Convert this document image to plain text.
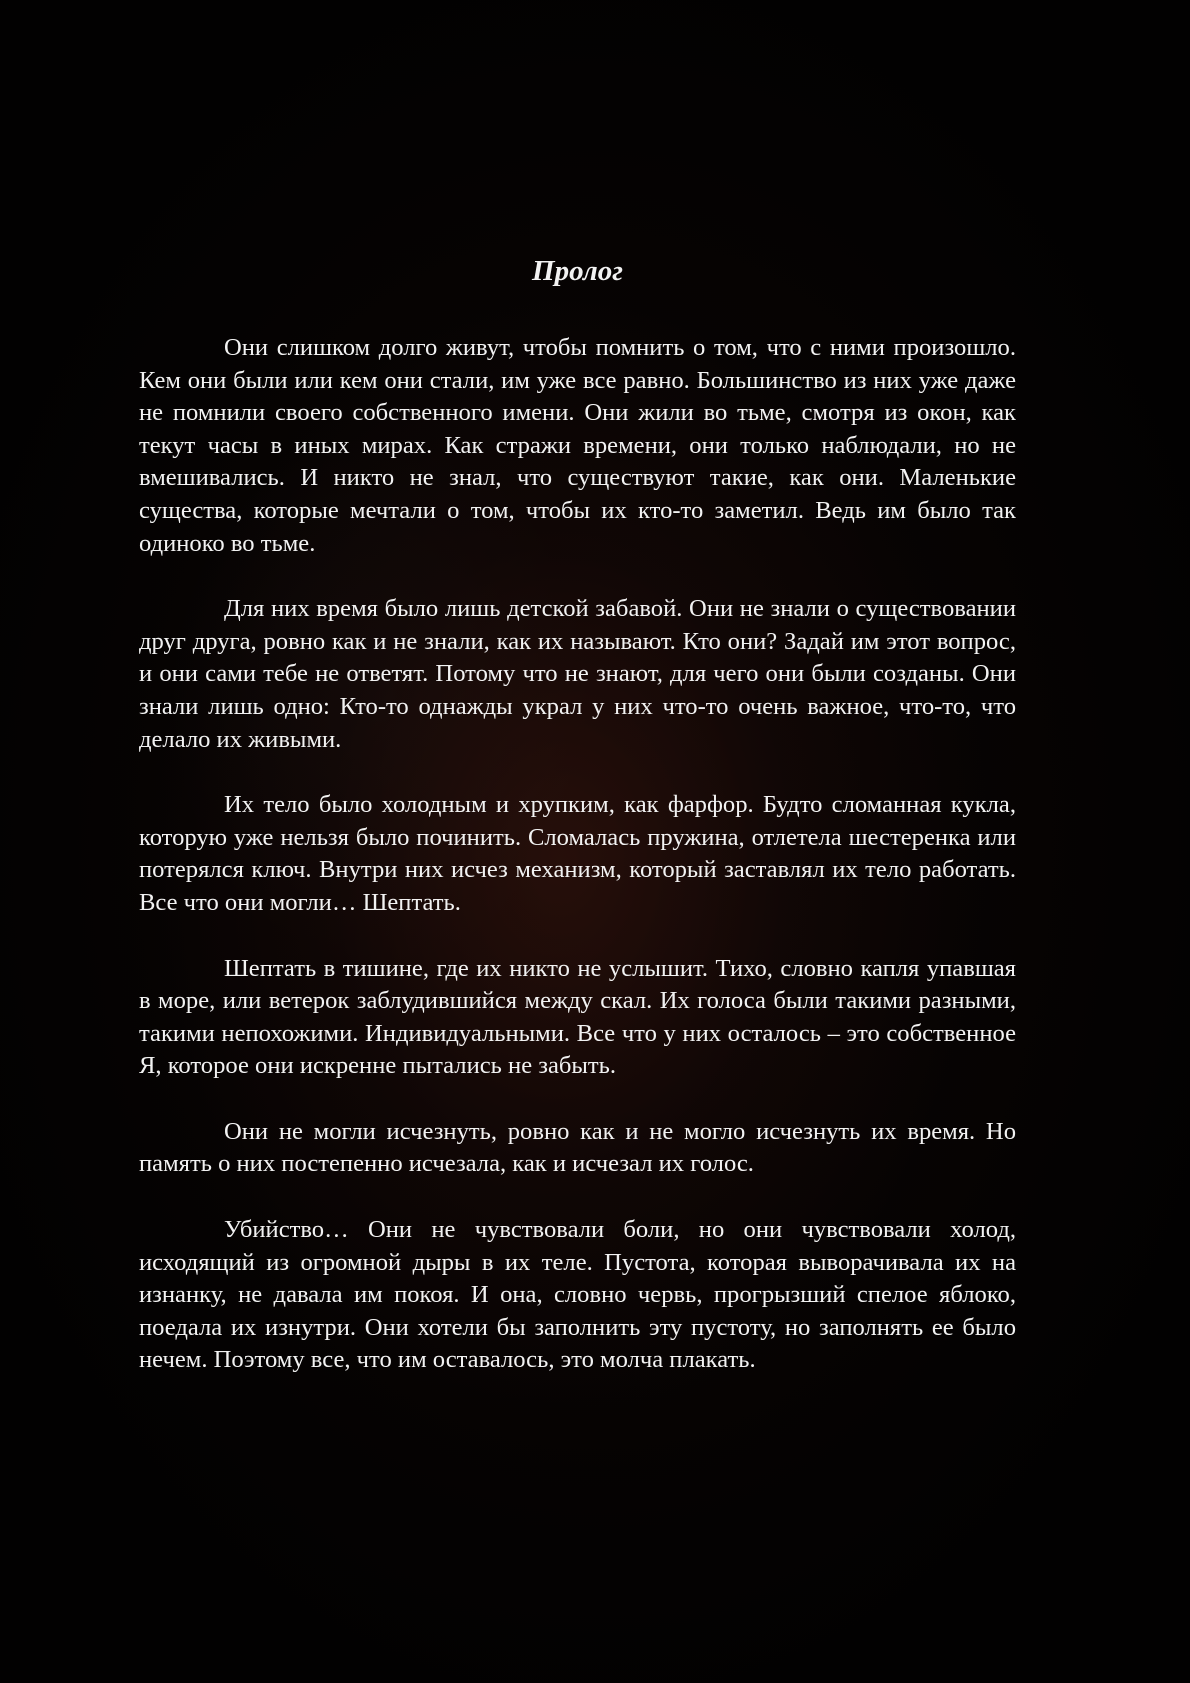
Пролог

Они слишком долго живут, чтобы помнить о том, что с ними произошло. Кем они были или кем они стали, им уже все равно. Большинство из них уже даже не помнили своего собственного имени. Они жили во тьме, смотря из окон, как текут часы в иных мирах. Как стражи времени, они только наблюдали, но не вмешивались. И никто не знал, что существуют такие, как они. Маленькие существа, которые мечтали о том, чтобы их кто-то заметил. Ведь им было так одиноко во тьме.

Для них время было лишь детской забавой. Они не знали о существовании друг друга, ровно как и не знали, как их называют. Кто они? Задай им этот вопрос, и они сами тебе не ответят. Потому что не знают, для чего они были созданы. Они знали лишь одно: Кто-то однажды украл у них что-то очень важное, что-то, что делало их живыми.

Их тело было холодным и хрупким, как фарфор. Будто сломанная кукла, которую уже нельзя было починить. Сломалась пружина, отлетела шестеренка или потерялся ключ. Внутри них исчез механизм, который заставлял их тело работать. Все что они могли… Шептать.

Шептать в тишине, где их никто не услышит. Тихо, словно капля упавшая в море, или ветерок заблудившийся между скал. Их голоса были такими разными, такими непохожими. Индивидуальными. Все что у них осталось – это собственное Я, которое они искренне пытались не забыть.

Они не могли исчезнуть, ровно как и не могло исчезнуть их время. Но память о них постепенно исчезала, как и исчезал их голос.

Убийство… Они не чувствовали боли, но они чувствовали холод, исходящий из огромной дыры в их теле. Пустота, которая выворачивала их на изнанку, не давала им покоя. И она, словно червь, прогрызший спелое яблоко, поедала их изнутри. Они хотели бы заполнить эту пустоту, но заполнять ее было нечем. Поэтому все, что им оставалось, это молча плакать.
